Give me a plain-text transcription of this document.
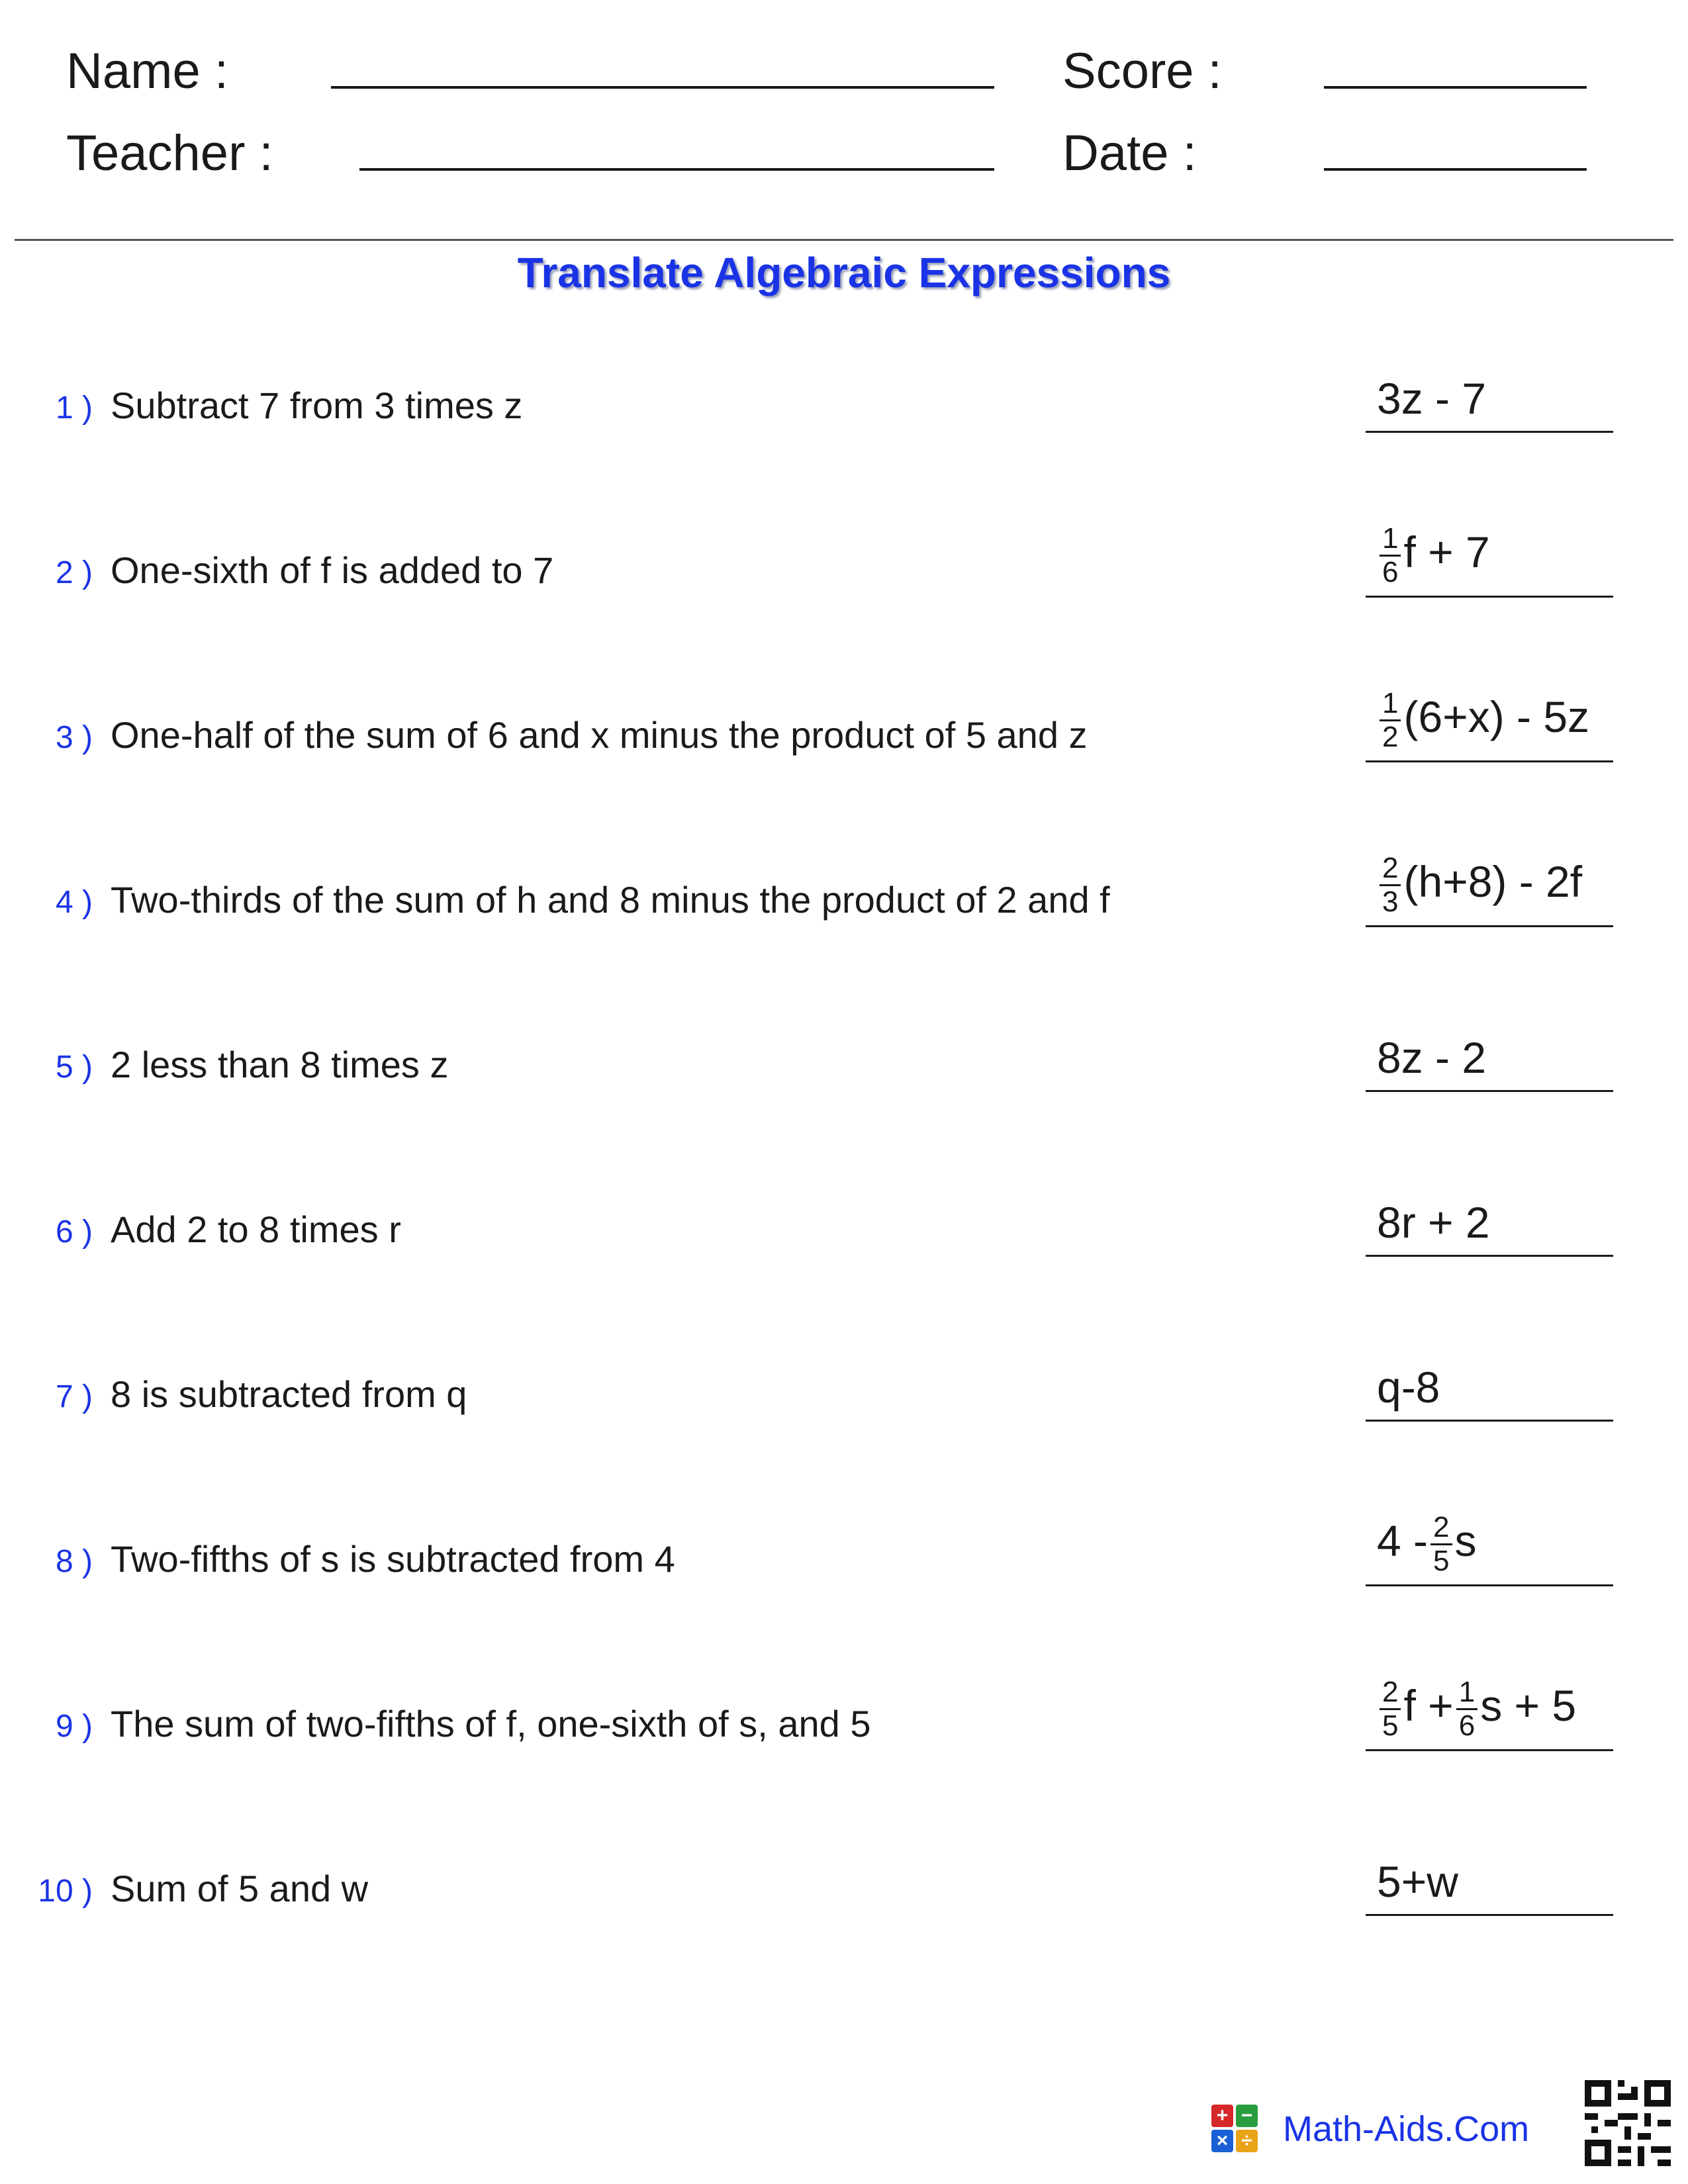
Name :
Teacher :
Score :
Date :
Translate Algebraic Expressions
1 ) Subtract 7 from 3 times z	3z - 7
2 ) One-sixth of f is added to 7	$\frac{1}{6}$ f + 7
3 ) One-half of the sum of 6 and x minus the product of 5 and z	$\frac{1}{2} (6+x) - 5z$
4 ) Two-thirds of the sum of h and 8 minus the product of 2 and f	$\frac{2}{3} (h+8) - 2f$
5 ) 2 less than 8 times z	8z - 2
6 ) Add 2 to 8 times r	8r + 2
7 ) 8 is subtracted from q	q-8
8 ) Two-fifths of s is subtracted from 4	$4 - \frac{2}{5}$ s
9 ) The sum of two-fifths of f, one-sixth of s, and 5	$\frac{2}{5}$ $f + \frac{1}{6}$ s + 5
10 ) Sum of 5 and w	5+w
+ −
× ÷ Math-Aids.Com
